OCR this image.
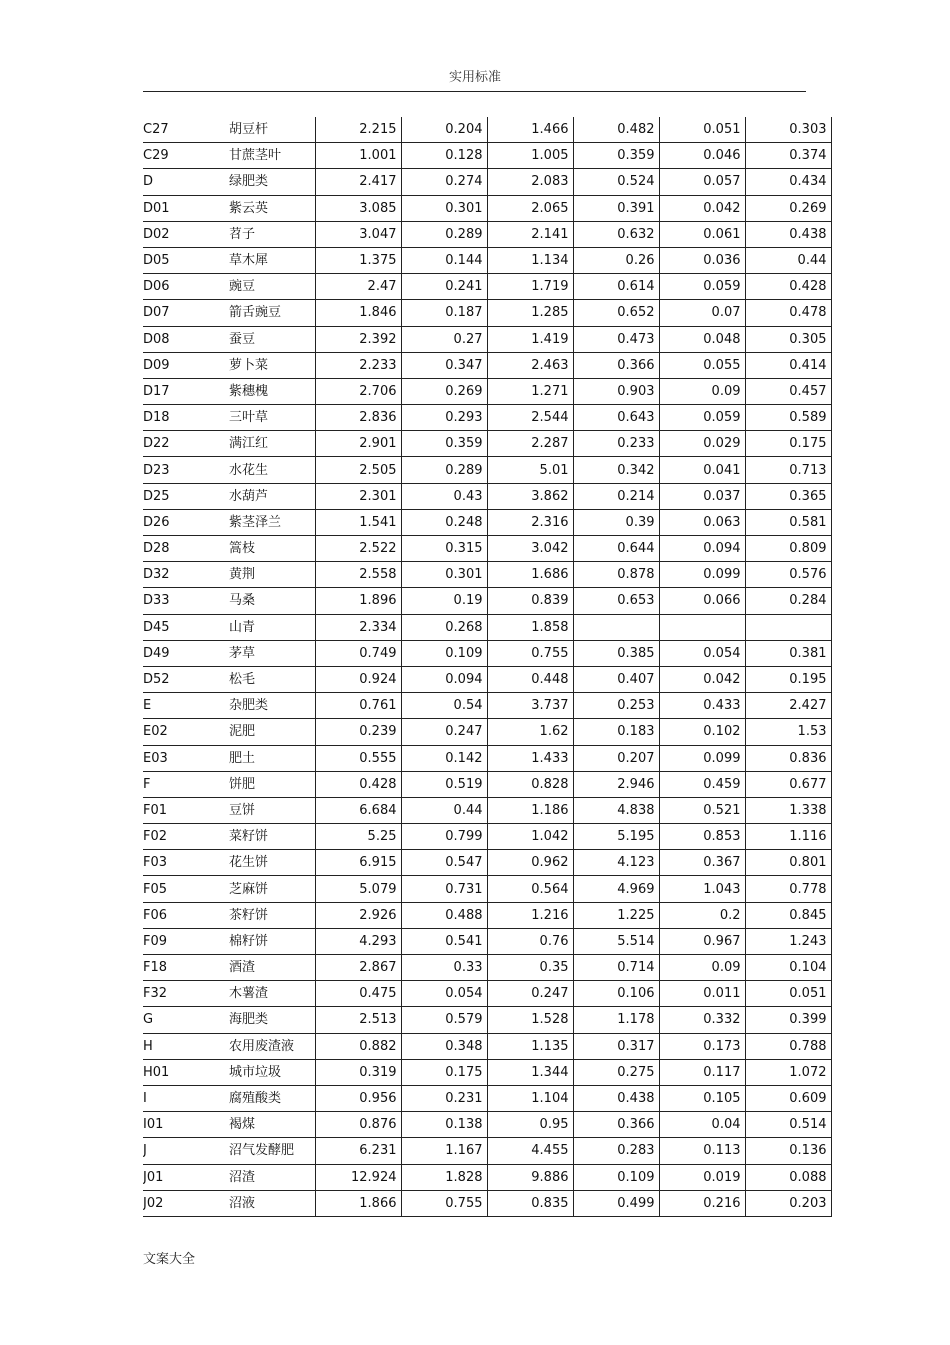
实用标准
C27	胡豆杆	2.215	0.204	1.466	0.482	0.051	0.303
C29	甘蔗茎叶	1.001	0.128	1.005	0.359	0.046	0.374
D	绿肥类	2.417	0.274	2.083	0.524	0.057	0.434
D01	紫云英	3.085	0.301	2.065	0.391	0.042	0.269
D02	苕子	3.047	0.289	2.141	0.632	0.061	0.438
D05	草木犀	1.375	0.144	1.134	0.26	0.036	0.44
D06	豌豆	2.47	0.241	1.719	0.614	0.059	0.428
D07	箭舌豌豆	1.846	0.187	1.285	0.652	0.07	0.478
D08	蚕豆	2.392	0.27	1.419	0.473	0.048	0.305
D09	萝卜菜	2.233	0.347	2.463	0.366	0.055	0.414
D17	紫穗槐	2.706	0.269	1.271	0.903	0.09	0.457
D18	三叶草	2.836	0.293	2.544	0.643	0.059	0.589
D22	满江红	2.901	0.359	2.287	0.233	0.029	0.175
D23	水花生	2.505	0.289	5.01	0.342	0.041	0.713
D25	水葫芦	2.301	0.43	3.862	0.214	0.037	0.365
D26	紫茎泽兰	1.541	0.248	2.316	0.39	0.063	0.581
D28	篙枝	2.522	0.315	3.042	0.644	0.094	0.809
D32	黄荆	2.558	0.301	1.686	0.878	0.099	0.576
D33	马桑	1.896	0.19	0.839	0.653	0.066	0.284
D45	山青	2.334	0.268	1.858			
D49	茅草	0.749	0.109	0.755	0.385	0.054	0.381
D52	松毛	0.924	0.094	0.448	0.407	0.042	0.195
E	杂肥类	0.761	0.54	3.737	0.253	0.433	2.427
E02	泥肥	0.239	0.247	1.62	0.183	0.102	1.53
E03	肥土	0.555	0.142	1.433	0.207	0.099	0.836
F	饼肥	0.428	0.519	0.828	2.946	0.459	0.677
F01	豆饼	6.684	0.44	1.186	4.838	0.521	1.338
F02	菜籽饼	5.25	0.799	1.042	5.195	0.853	1.116
F03	花生饼	6.915	0.547	0.962	4.123	0.367	0.801
F05	芝麻饼	5.079	0.731	0.564	4.969	1.043	0.778
F06	茶籽饼	2.926	0.488	1.216	1.225	0.2	0.845
F09	棉籽饼	4.293	0.541	0.76	5.514	0.967	1.243
F18	酒渣	2.867	0.33	0.35	0.714	0.09	0.104
F32	木薯渣	0.475	0.054	0.247	0.106	0.011	0.051
G	海肥类	2.513	0.579	1.528	1.178	0.332	0.399
H	农用废渣液	0.882	0.348	1.135	0.317	0.173	0.788
H01	城市垃圾	0.319	0.175	1.344	0.275	0.117	1.072
I	腐殖酸类	0.956	0.231	1.104	0.438	0.105	0.609
I01	褐煤	0.876	0.138	0.95	0.366	0.04	0.514
J	沼气发酵肥	6.231	1.167	4.455	0.283	0.113	0.136
J01	沼渣	12.924	1.828	9.886	0.109	0.019	0.088
J02	沼液	1.866	0.755	0.835	0.499	0.216	0.203
文案大全
